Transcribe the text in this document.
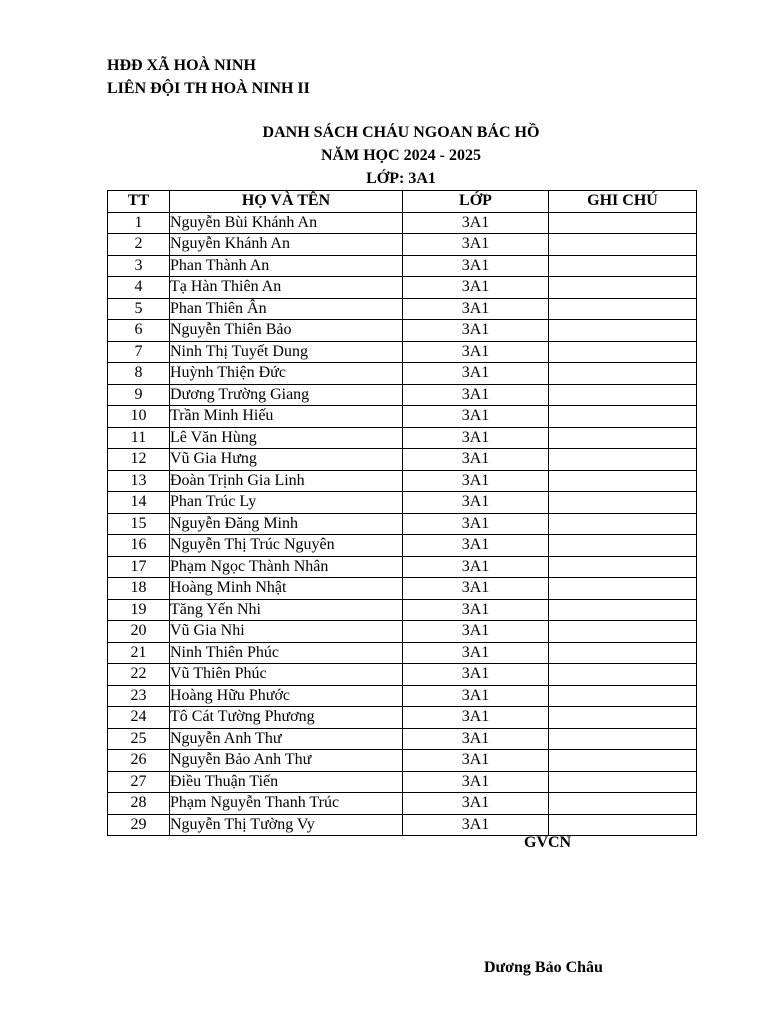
HĐĐ XÃ HOÀ NINH
LIÊN ĐỘI TH HOÀ NINH II
DANH SÁCH CHÁU NGOAN BÁC HỒ
NĂM HỌC 2024 - 2025
LỚP: 3A1
TT	HỌ VÀ TÊN	LỚP	GHI CHÚ
1	Nguyễn Bùi Khánh An	3A1	
2	Nguyễn Khánh An	3A1	
3	Phan Thành An	3A1	
4	Tạ Hàn Thiên An	3A1	
5	Phan Thiên Ân	3A1	
6	Nguyễn Thiên Bảo	3A1	
7	Ninh Thị Tuyết Dung	3A1	
8	Huỳnh Thiện Đức	3A1	
9	Dương Trường Giang	3A1	
10	Trần Minh Hiếu	3A1	
11	Lê Văn Hùng	3A1	
12	Vũ Gia Hưng	3A1	
13	Đoàn Trịnh Gia Linh	3A1	
14	Phan Trúc Ly	3A1	
15	Nguyễn Đăng Minh	3A1	
16	Nguyễn Thị Trúc Nguyên	3A1	
17	Phạm Ngọc Thành Nhân	3A1	
18	Hoàng Minh Nhật	3A1	
19	Tăng Yến Nhi	3A1	
20	Vũ Gia Nhi	3A1	
21	Ninh Thiên Phúc	3A1	
22	Vũ Thiên Phúc	3A1	
23	Hoàng Hữu Phước	3A1	
24	Tô Cát Tường Phương	3A1	
25	Nguyễn Anh Thư	3A1	
26	Nguyễn Bảo Anh Thư	3A1	
27	Điều Thuận Tiến	3A1	
28	Phạm Nguyễn Thanh Trúc	3A1	
29	Nguyễn Thị Tường Vy	3A1	
GVCN
Dương Bảo Châu
